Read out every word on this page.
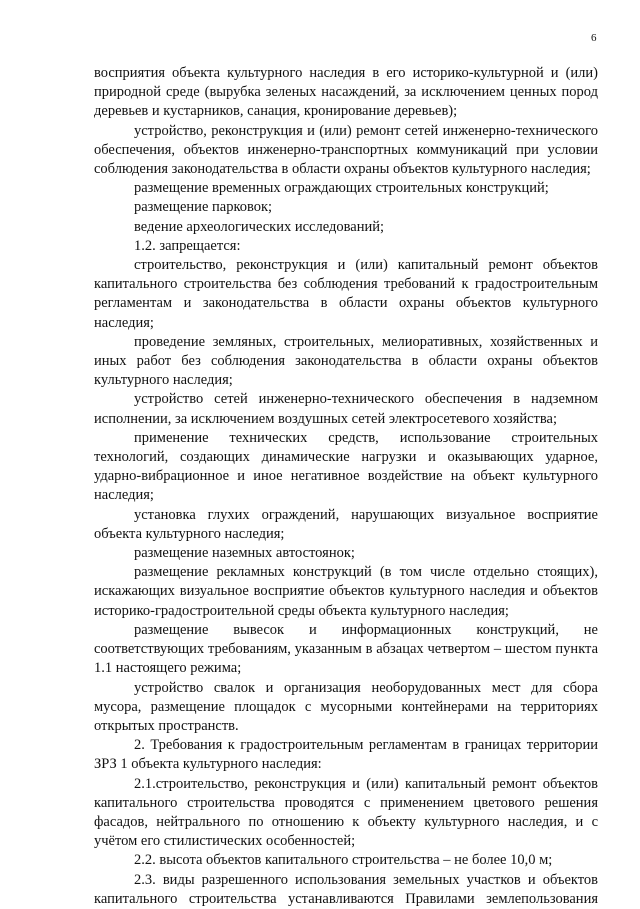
6

восприятия объекта культурного наследия в его историко-культурной и (или) природной среде (вырубка зеленых насаждений, за исключением ценных пород деревьев и кустарников, санация, кронирование деревьев);

устройство, реконструкция и (или) ремонт сетей инженерно-технического обеспечения, объектов инженерно-транспортных коммуникаций при условии соблюдения законодательства в области охраны объектов культурного наследия;

размещение временных ограждающих строительных конструкций;

размещение парковок;

ведение археологических исследований;

1.2. запрещается:

строительство, реконструкция и (или) капитальный ремонт объектов капитального строительства без соблюдения требований к градостроительным регламентам и законодательства в области охраны объектов культурного наследия;

проведение земляных, строительных, мелиоративных, хозяйственных и иных работ без соблюдения законодательства в области охраны объектов культурного наследия;

устройство сетей инженерно-технического обеспечения в надземном исполнении, за исключением воздушных сетей электросетевого хозяйства;

применение технических средств, использование строительных технологий, создающих динамические нагрузки и оказывающих ударное, ударно-вибрационное и иное негативное воздействие на объект культурного наследия;

установка глухих ограждений, нарушающих визуальное восприятие объекта культурного наследия;

размещение наземных автостоянок;

размещение рекламных конструкций (в том числе отдельно стоящих), искажающих визуальное восприятие объектов культурного наследия и объектов историко-градостроительной среды объекта культурного наследия;

размещение вывесок и информационных конструкций, не соответствующих требованиям, указанным в абзацах четвертом – шестом пункта 1.1 настоящего режима;

устройство свалок и организация необорудованных мест для сбора мусора, размещение площадок с мусорными контейнерами на территориях открытых пространств.

2. Требования к градостроительным регламентам в границах территории ЗРЗ 1 объекта культурного наследия:

2.1.строительство, реконструкция и (или) капитальный ремонт объектов капитального строительства проводятся с применением цветового решения фасадов, нейтрального по отношению к объекту культурного наследия, и с учётом его стилистических особенностей;

2.2. высота объектов капитального строительства – не более 10,0 м;

2.3. виды разрешенного использования земельных участков и объектов капитального строительства устанавливаются Правилами землепользования
